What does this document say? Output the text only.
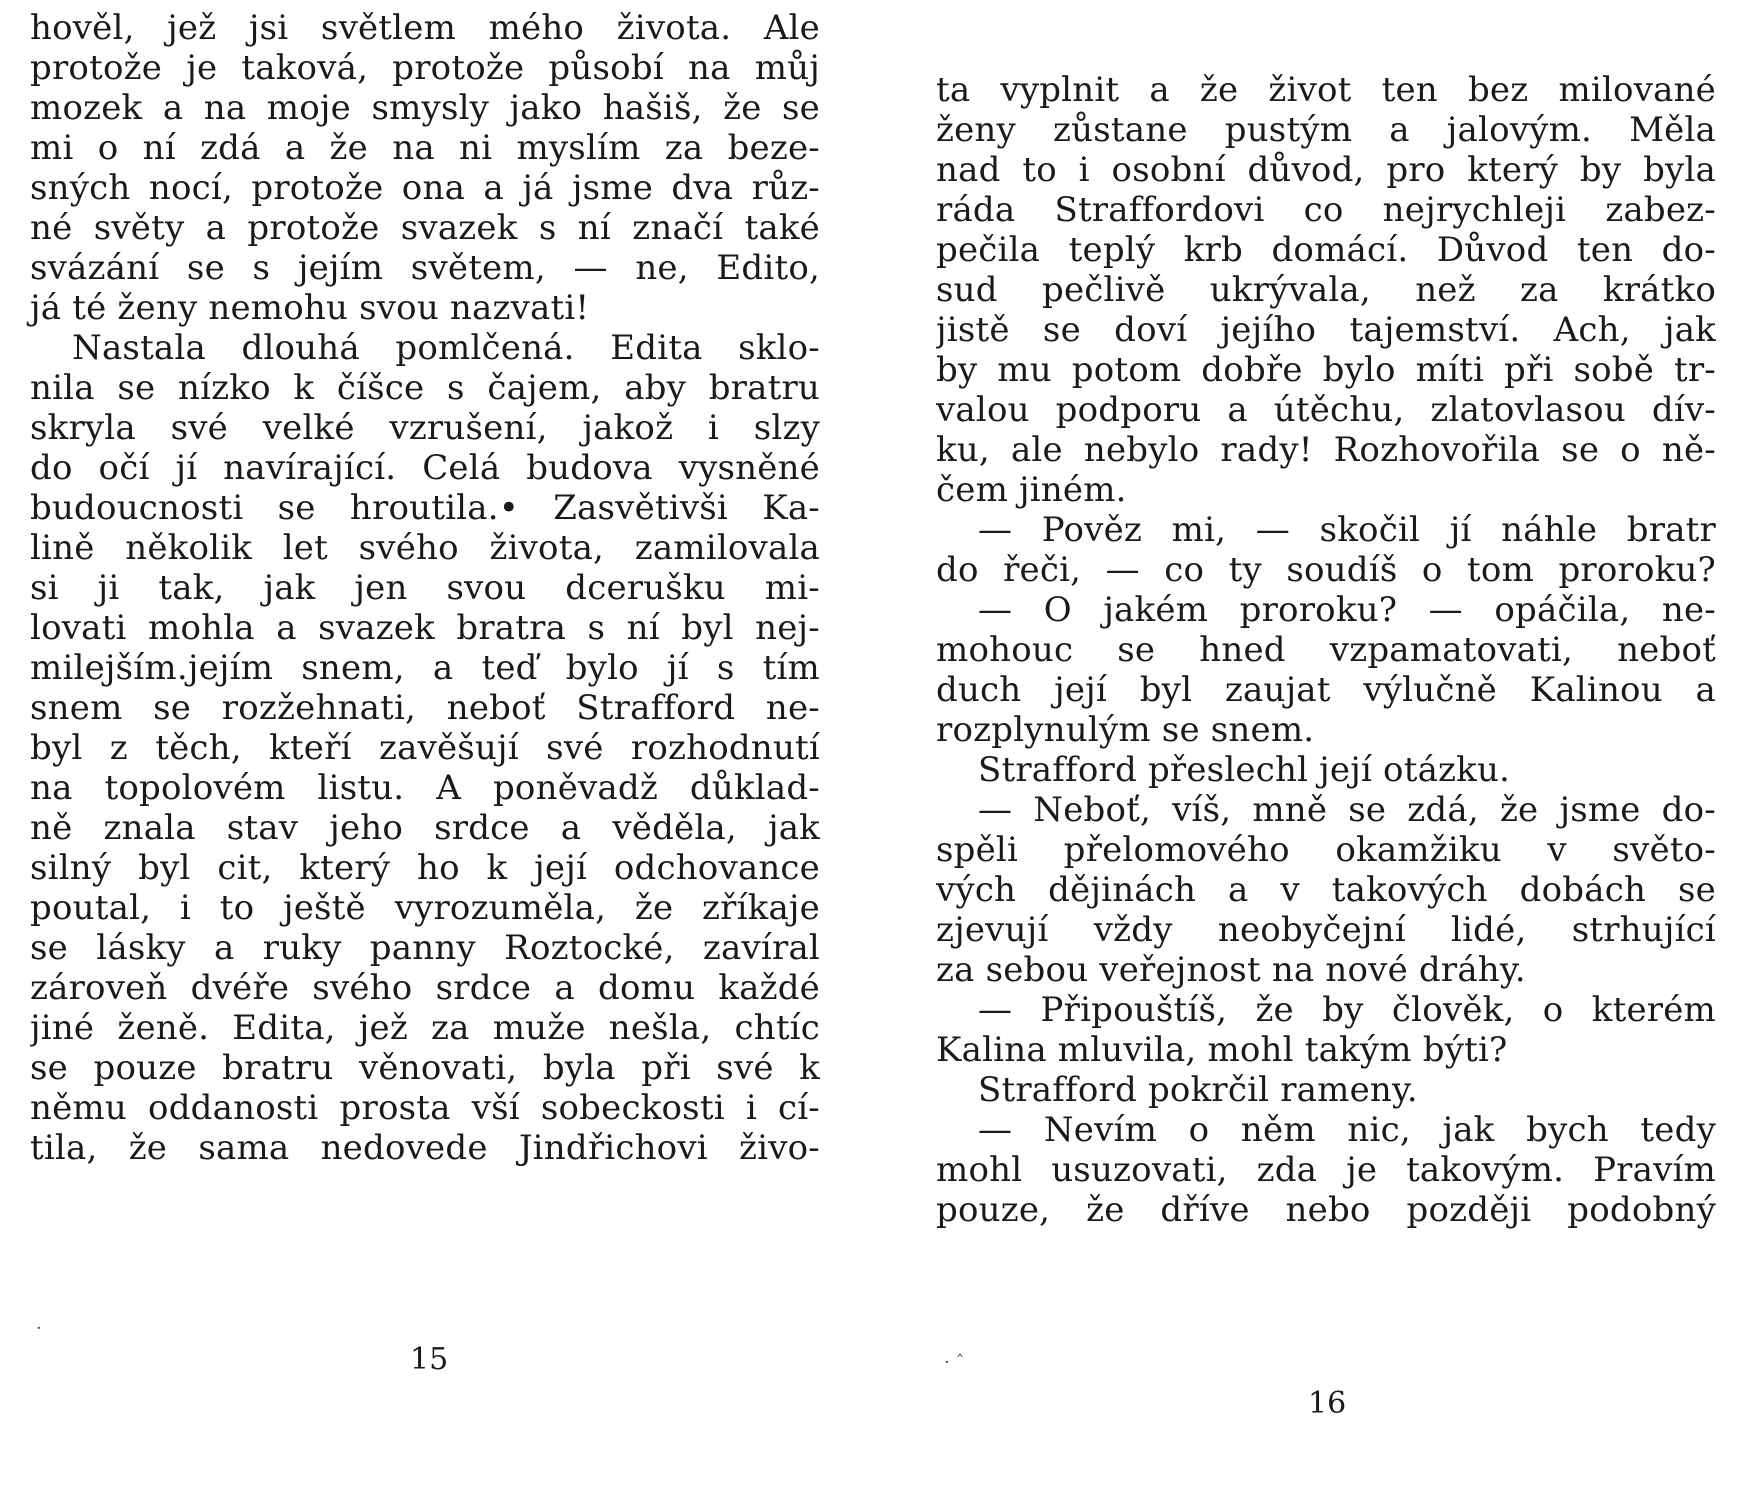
hověl, jež jsi světlem mého života. Ale
protože je taková, protože působí na můj
mozek a na moje smysly jako hašiš, že se
mi o ní zdá a že na ni myslím za beze-
sných nocí, protože ona a já jsme dva růz-
né světy a protože svazek s ní značí také
svázání se s jejím světem, — ne, Edito,
já té ženy nemohu svou nazvati!
Nastala dlouhá pomlčená. Edita sklo-
nila se nízko k číšce s čajem, aby bratru
skryla své velké vzrušení, jakož i slzy
do očí jí navírající. Celá budova vysněné
budoucnosti se hroutila.• Zasvětivši Ka-
lině několik let svého života, zamilovala
si ji tak, jak jen svou dcerušku mi-
lovati mohla a svazek bratra s ní byl nej-
milejším.jejím snem, a teď bylo jí s tím
snem se rozžehnati, neboť Strafford ne-
byl z těch, kteří zavěšují své rozhodnutí
na topolovém listu. A poněvadž důklad-
ně znala stav jeho srdce a věděla, jak
silný byl cit, který ho k její odchovance
poutal, i to ještě vyrozuměla, že zříkaje
se lásky a ruky panny Roztocké, zavíral
zároveň dvéře svého srdce a domu každé
jiné ženě. Edita, jež za muže nešla, chtíc
se pouze bratru věnovati, byla při své k
němu oddanosti prosta vší sobeckosti i cí-
tila, že sama nedovede Jindřichovi živo-
15
·
ta vyplnit a že život ten bez milované
ženy zůstane pustým a jalovým. Měla
nad to i osobní důvod, pro který by byla
ráda Straffordovi co nejrychleji zabez-
pečila teplý krb domácí. Důvod ten do-
sud pečlivě ukrývala, než za krátko
jistě se doví jejího tajemství. Ach, jak
by mu potom dobře bylo míti při sobě tr-
valou podporu a útěchu, zlatovlasou dív-
ku, ale nebylo rady! Rozhovořila se o ně-
čem jiném.
— Pověz mi, — skočil jí náhle bratr
do řeči, — co ty soudíš o tom proroku?
— O jakém proroku? — opáčila, ne-
mohouc se hned vzpamatovati, neboť
duch její byl zaujat výlučně Kalinou a
rozplynulým se snem.
Strafford přeslechl její otázku.
— Neboť, víš, mně se zdá, že jsme do-
spěli přelomového okamžiku v světo-
vých dějinách a v takových dobách se
zjevují vždy neobyčejní lidé, strhující
za sebou veřejnost na nové dráhy.
— Připouštíš, že by člověk, o kterém
Kalina mluvila, mohl takým býti?
Strafford pokrčil rameny.
— Nevím o něm nic, jak bych tedy
mohl usuzovati, zda je takovým. Pravím
pouze, že dříve nebo později podobný
16
· ˆ
